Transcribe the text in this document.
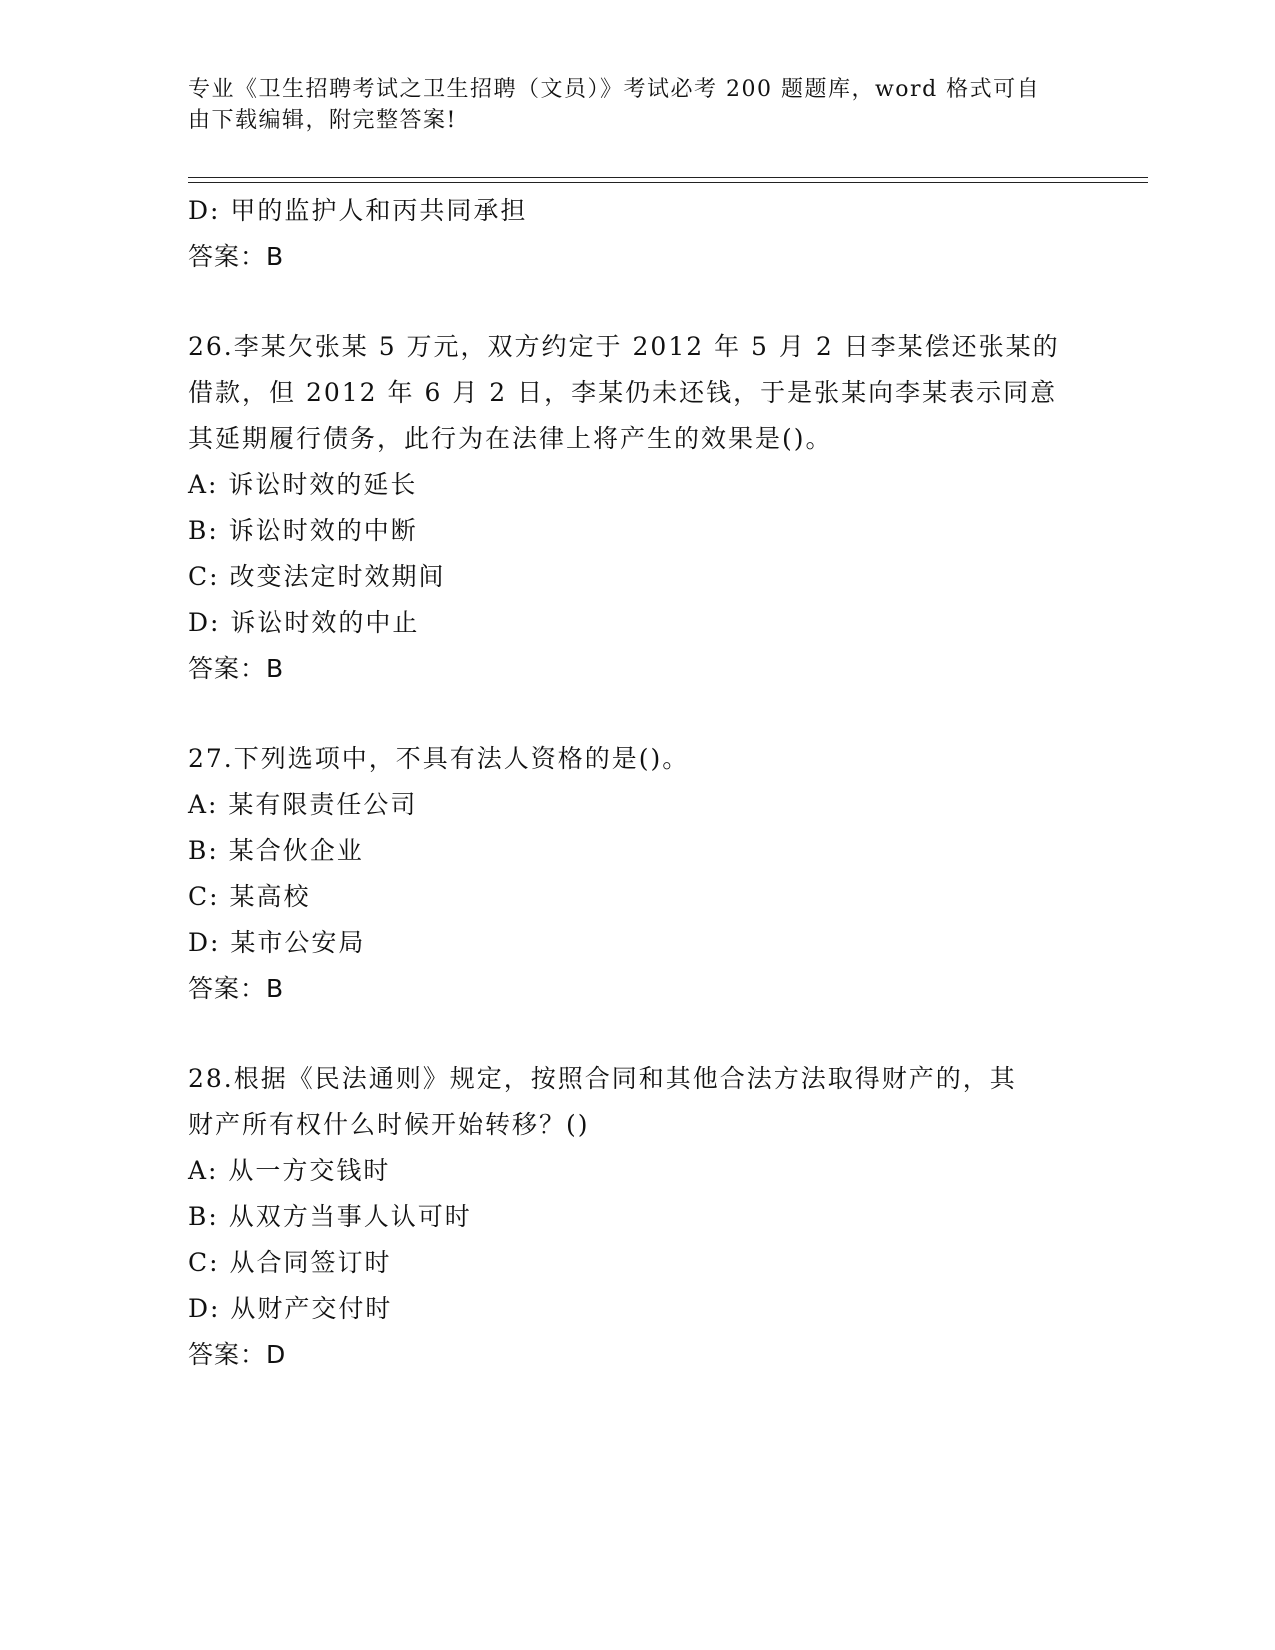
专业《卫生招聘考试之卫生招聘（文员）》考试必考 200 题题库，word 格式可自
由下载编辑，附完整答案!
D: 甲的监护人和丙共同承担
答案：B
26.李某欠张某 5 万元，双方约定于 2012 年 5 月 2 日李某偿还张某的
借款，但 2012 年 6 月 2 日，李某仍未还钱，于是张某向李某表示同意
其延期履行债务，此行为在法律上将产生的效果是()。
A: 诉讼时效的延长
B: 诉讼时效的中断
C: 改变法定时效期间
D: 诉讼时效的中止
答案：B
27.下列选项中，不具有法人资格的是()。
A: 某有限责任公司
B: 某合伙企业
C: 某高校
D: 某市公安局
答案：B
28.根据《民法通则》规定，按照合同和其他合法方法取得财产的，其
财产所有权什么时候开始转移？()
A: 从一方交钱时
B: 从双方当事人认可时
C: 从合同签订时
D: 从财产交付时
答案：D
